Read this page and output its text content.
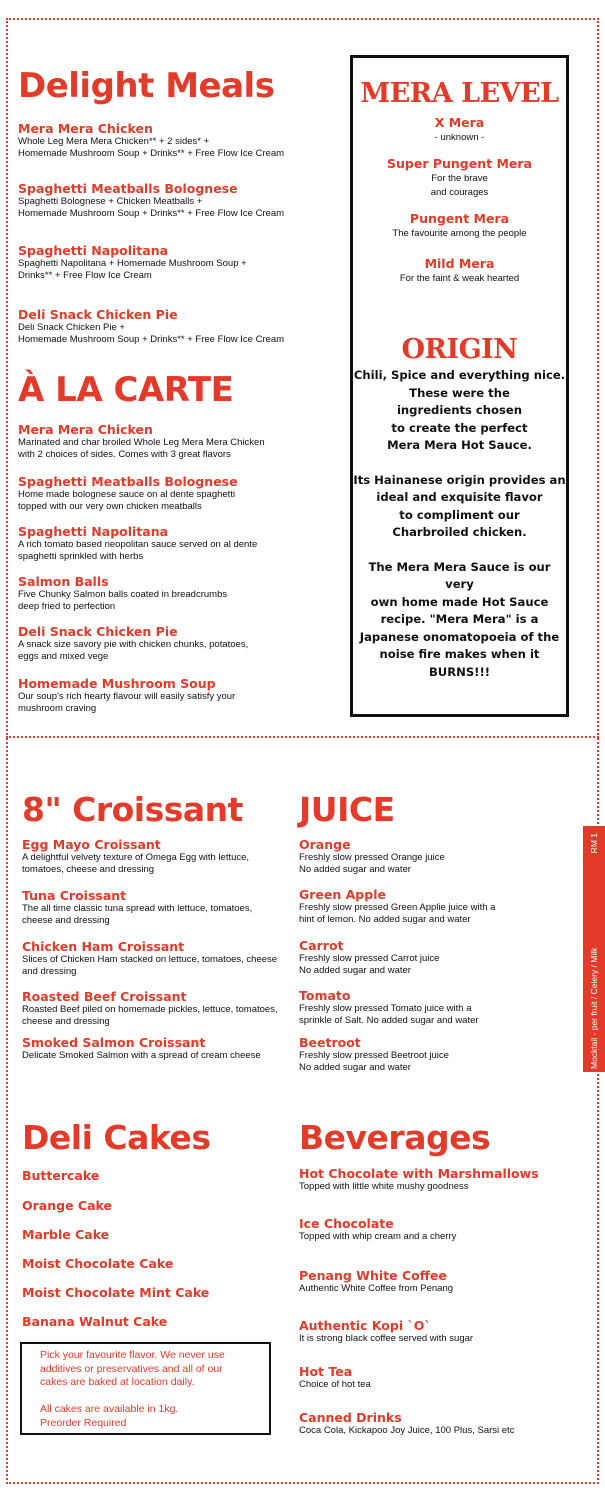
Delight Meals
Mera Mera Chicken
Whole Leg Mera Mera Chicken** + 2 sides* +
Homemade Mushroom Soup + Drinks** + Free Flow Ice Cream
Spaghetti Meatballs Bolognese
Spaghetti Bolognese + Chicken Meatballs +
Homemade Mushroom Soup + Drinks** + Free Flow Ice Cream
Spaghetti Napolitana
Spaghetti Napolitana + Homemade Mushroom Soup +
Drinks** + Free Flow Ice Cream
Deli Snack Chicken Pie
Deli Snack Chicken Pie +
Homemade Mushroom Soup + Drinks** + Free Flow Ice Cream
À LA CARTE
Mera Mera Chicken
Marinated and char broiled Whole Leg Mera Mera Chicken
with 2 choices of sides. Comes with 3 great flavors
Spaghetti Meatballs Bolognese
Home made bolognese sauce on al dente spaghetti
topped with our very own chicken meatballs
Spaghetti Napolitana
A rich tomato based neopolitan sauce served on al dente
spaghetti sprinkled with herbs
Salmon Balls
Five Chunky Salmon balls coated in breadcrumbs
deep fried to perfection
Deli Snack Chicken Pie
A snack size savory pie with chicken chunks, potatoes,
eggs and mixed vege
Homemade Mushroom Soup
Our soup's rich hearty flavour will easily satisfy your
mushroom craving
MERA LEVEL
X Mera
- unknown -
Super Pungent Mera
For the brave
and courages
Pungent Mera
The favourite among the people
Mild Mera
For the faint & weak hearted
ORIGIN
Chili, Spice and everything nice.
These were the
ingredients chosen
to create the perfect
Mera Mera Hot Sauce.
Its Hainanese origin provides an
ideal and exquisite flavor
to compliment our
Charbroiled chicken.
The Mera Mera Sauce is our very
own home made Hot Sauce
recipe. "Mera Mera" is a
Japanese onomatopoeia of the
noise fire makes when it BURNS!!!
8" Croissant
Egg Mayo Croissant
A delightful velvety texture of Omega Egg with lettuce,
tomatoes, cheese and dressing
Tuna Croissant
The all time classic tuna spread with lettuce, tomatoes,
cheese and dressing
Chicken Ham Croissant
Slices of Chicken Ham stacked on lettuce, tomatoes, cheese
and dressing
Roasted Beef Croissant
Roasted Beef piled on homemade pickles, lettuce, tomatoes,
cheese and dressing
Smoked Salmon Croissant
Delicate Smoked Salmon with a spread of cream cheese
JUICE
Orange
Freshly slow pressed Orange juice
No added sugar and water
Green Apple
Freshly slow pressed Green Applie juice with a
hint of lemon. No added sugar and water
Carrot
Freshly slow pressed Carrot juice
No added sugar and water
Tomato
Freshly slow pressed Tomato juice with a
sprinkle of Salt. No added sugar and water
Beetroot
Freshly slow pressed Beetroot juice
No added sugar and water	Mocktail - per fruit / Celery / Milk
RM 1
Deli Cakes
Buttercake
Orange Cake
Marble Cake
Moist Chocolate Cake
Moist Chocolate Mint Cake
Banana Walnut Cake
Pick your favourite flavor. We never use
additives or preservatives and all of our
cakes are baked at location daily.

All cakes are available in 1kg.
Preorder Required
Beverages
Hot Chocolate with Marshmallows
Topped with little white mushy goodness
Ice Chocolate
Topped with whip cream and a cherry
Penang White Coffee
Authentic White Coffee from Penang
Authentic Kopi `O`
It is strong black coffee served with sugar
Hot Tea
Choice of hot tea
Canned Drinks
Coca Cola, Kickapoo Joy Juice, 100 Plus, Sarsi etc
